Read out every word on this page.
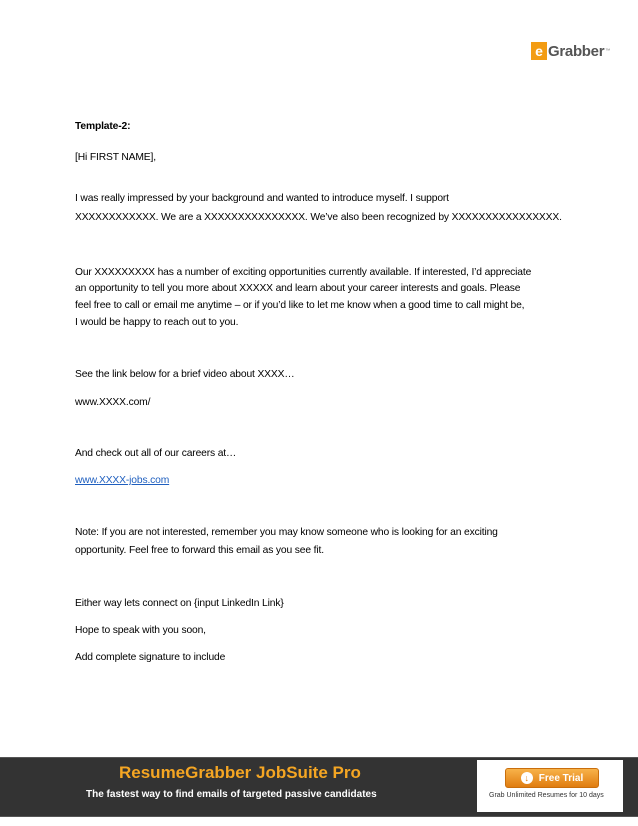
e Grabber ™
Template-2:
[Hi FIRST NAME],
I was really impressed by your background and wanted to introduce myself. I support
XXXXXXXXXXXX. We are a XXXXXXXXXXXXXXX. We’ve also been recognized by XXXXXXXXXXXXXXXX.
Our XXXXXXXXX has a number of exciting opportunities currently available. If interested, I’d appreciate
an opportunity to tell you more about XXXXX and learn about your career interests and goals. Please
feel free to call or email me anytime – or if you’d like to let me know when a good time to call might be,
I would be happy to reach out to you.
See the link below for a brief video about XXXX…
www.XXXX.com/
And check out all of our careers at…
www.XXXX-jobs.com
Note: If you are not interested, remember you may know someone who is looking for an exciting
opportunity. Feel free to forward this email as you see fit.
Either way lets connect on {input LinkedIn Link}
Hope to speak with you soon,
Add complete signature to include
ResumeGrabber JobSuite Pro
The fastest way to find emails of targeted passive candidates
↓ Free Trial
Grab Unlimited Resumes for 10 days
